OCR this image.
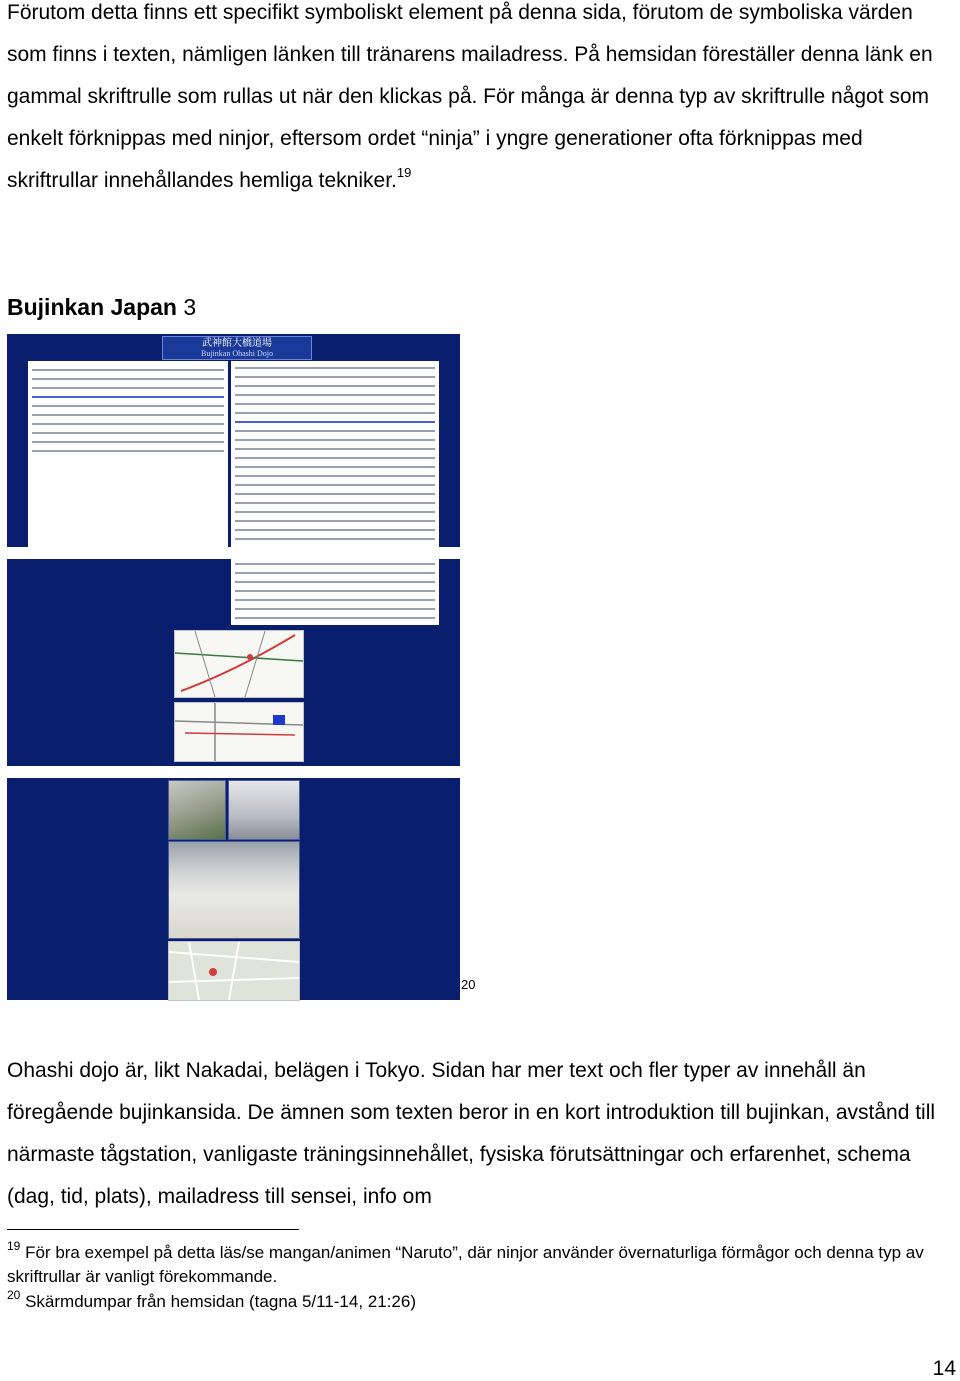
Förutom detta finns ett specifikt symboliskt element på denna sida, förutom de symboliska värden som finns i texten, nämligen länken till tränarens mailadress. På hemsidan föreställer denna länk en gammal skriftrulle som rullas ut när den klickas på. För många är denna typ av skriftrulle något som enkelt förknippas med ninjor, eftersom ordet “ninja” i yngre generationer ofta förknippas med skriftrullar innehållandes hemliga tekniker.$^{19}$

Bujinkan Japan 3
武神館大橋道場
Bujinkan Ohashi Dojo
20

Ohashi dojo är, likt Nakadai, belägen i Tokyo. Sidan har mer text och fler typer av innehåll än föregående bujinkansida. De ämnen som texten beror in en kort introduktion till bujinkan, avstånd till närmaste tågstation, vanligaste träningsinnehållet, fysiska förutsättningar och erfarenhet, schema (dag, tid, plats), mailadress till sensei, info om

$^{19}$ För bra exempel på detta läs/se mangan/animen “Naruto”, där ninjor använder övernaturliga förmågor och denna typ av skriftrullar är vanligt förekommande.

$^{20}$ Skärmdumpar från hemsidan (tagna 5/11-14, 21:26)

14
